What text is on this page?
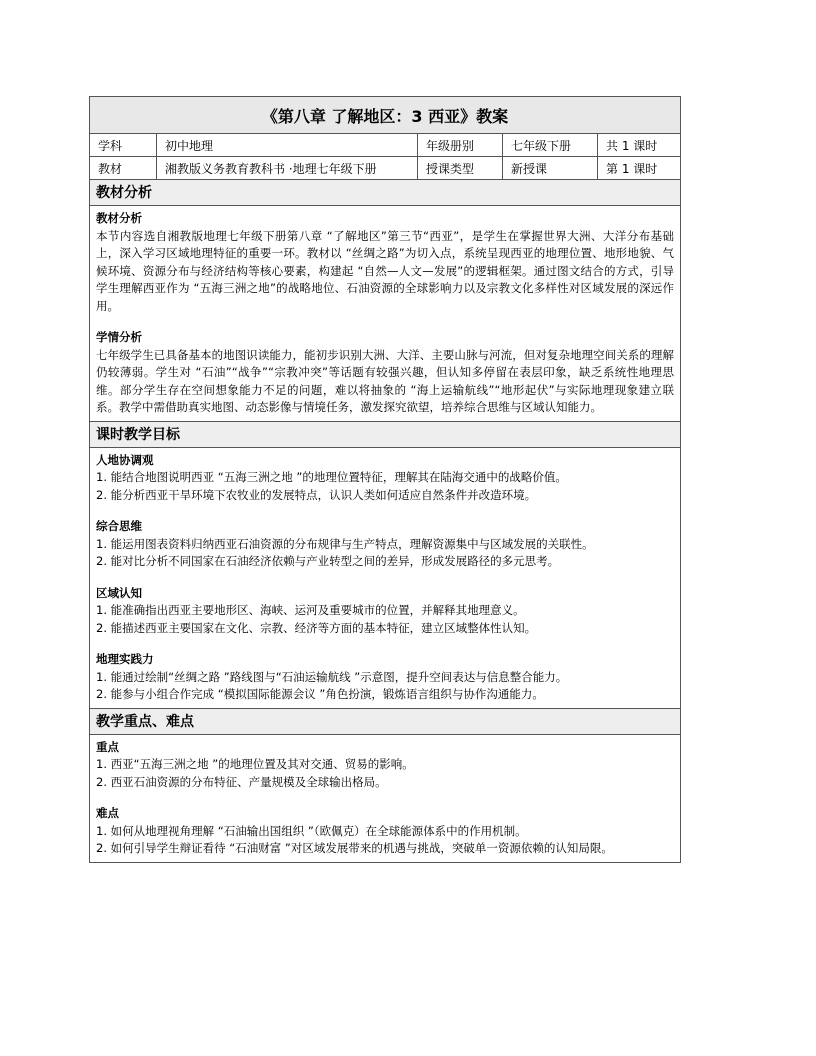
《第八章 了解地区：3 西亚》教案
学科	初中地理	年级册别	七年级下册	共 1 课时
教材	湘教版义务教育教科书 ·地理七年级下册	授课类型	新授课	第 1 课时
教材分析
教材分析

本节内容选自湘教版地理七年级下册第八章 “了解地区”第三节“西亚”，是学生在掌握世界大洲、大洋分布基础上，深入学习区域地理特征的重要一环。教材以 “丝绸之路”为切入点，系统呈现西亚的地理位置、地形地貌、气候环境、资源分布与经济结构等核心要素，构建起 “自然—人文—发展”的逻辑框架。通过图文结合的方式，引导学生理解西亚作为 “五海三洲之地”的战略地位、石油资源的全球影响力以及宗教文化多样性对区域发展的深远作用。

学情分析

七年级学生已具备基本的地图识读能力，能初步识别大洲、大洋、主要山脉与河流，但对复杂地理空间关系的理解仍较薄弱。学生对 “石油”“战争”“宗教冲突”等话题有较强兴趣，但认知多停留在表层印象，缺乏系统性地理思维。部分学生存在空间想象能力不足的问题，难以将抽象的 “海上运输航线”“地形起伏”与实际地理现象建立联系。教学中需借助真实地图、动态影像与情境任务，激发探究欲望，培养综合思维与区域认知能力。

课时教学目标
人地协调观

1. 能结合地图说明西亚 “五海三洲之地 ”的地理位置特征，理解其在陆海交通中的战略价值。

2. 能分析西亚干旱环境下农牧业的发展特点，认识人类如何适应自然条件并改造环境。

综合思维

1. 能运用图表资料归纳西亚石油资源的分布规律与生产特点，理解资源集中与区域发展的关联性。

2. 能对比分析不同国家在石油经济依赖与产业转型之间的差异，形成发展路径的多元思考。

区域认知

1. 能准确指出西亚主要地形区、海峡、运河及重要城市的位置，并解释其地理意义。

2. 能描述西亚主要国家在文化、宗教、经济等方面的基本特征，建立区域整体性认知。

地理实践力

1. 能通过绘制“丝绸之路 ”路线图与“石油运输航线 ”示意图，提升空间表达与信息整合能力。

2. 能参与小组合作完成 “模拟国际能源会议 ”角色扮演，锻炼语言组织与协作沟通能力。

教学重点、难点
重点

1. 西亚“五海三洲之地 ”的地理位置及其对交通、贸易的影响。

2. 西亚石油资源的分布特征、产量规模及全球输出格局。

难点

1. 如何从地理视角理解 “石油输出国组织 ”（欧佩克）在全球能源体系中的作用机制。

2. 如何引导学生辩证看待 “石油财富 ”对区域发展带来的机遇与挑战，突破单一资源依赖的认知局限。
